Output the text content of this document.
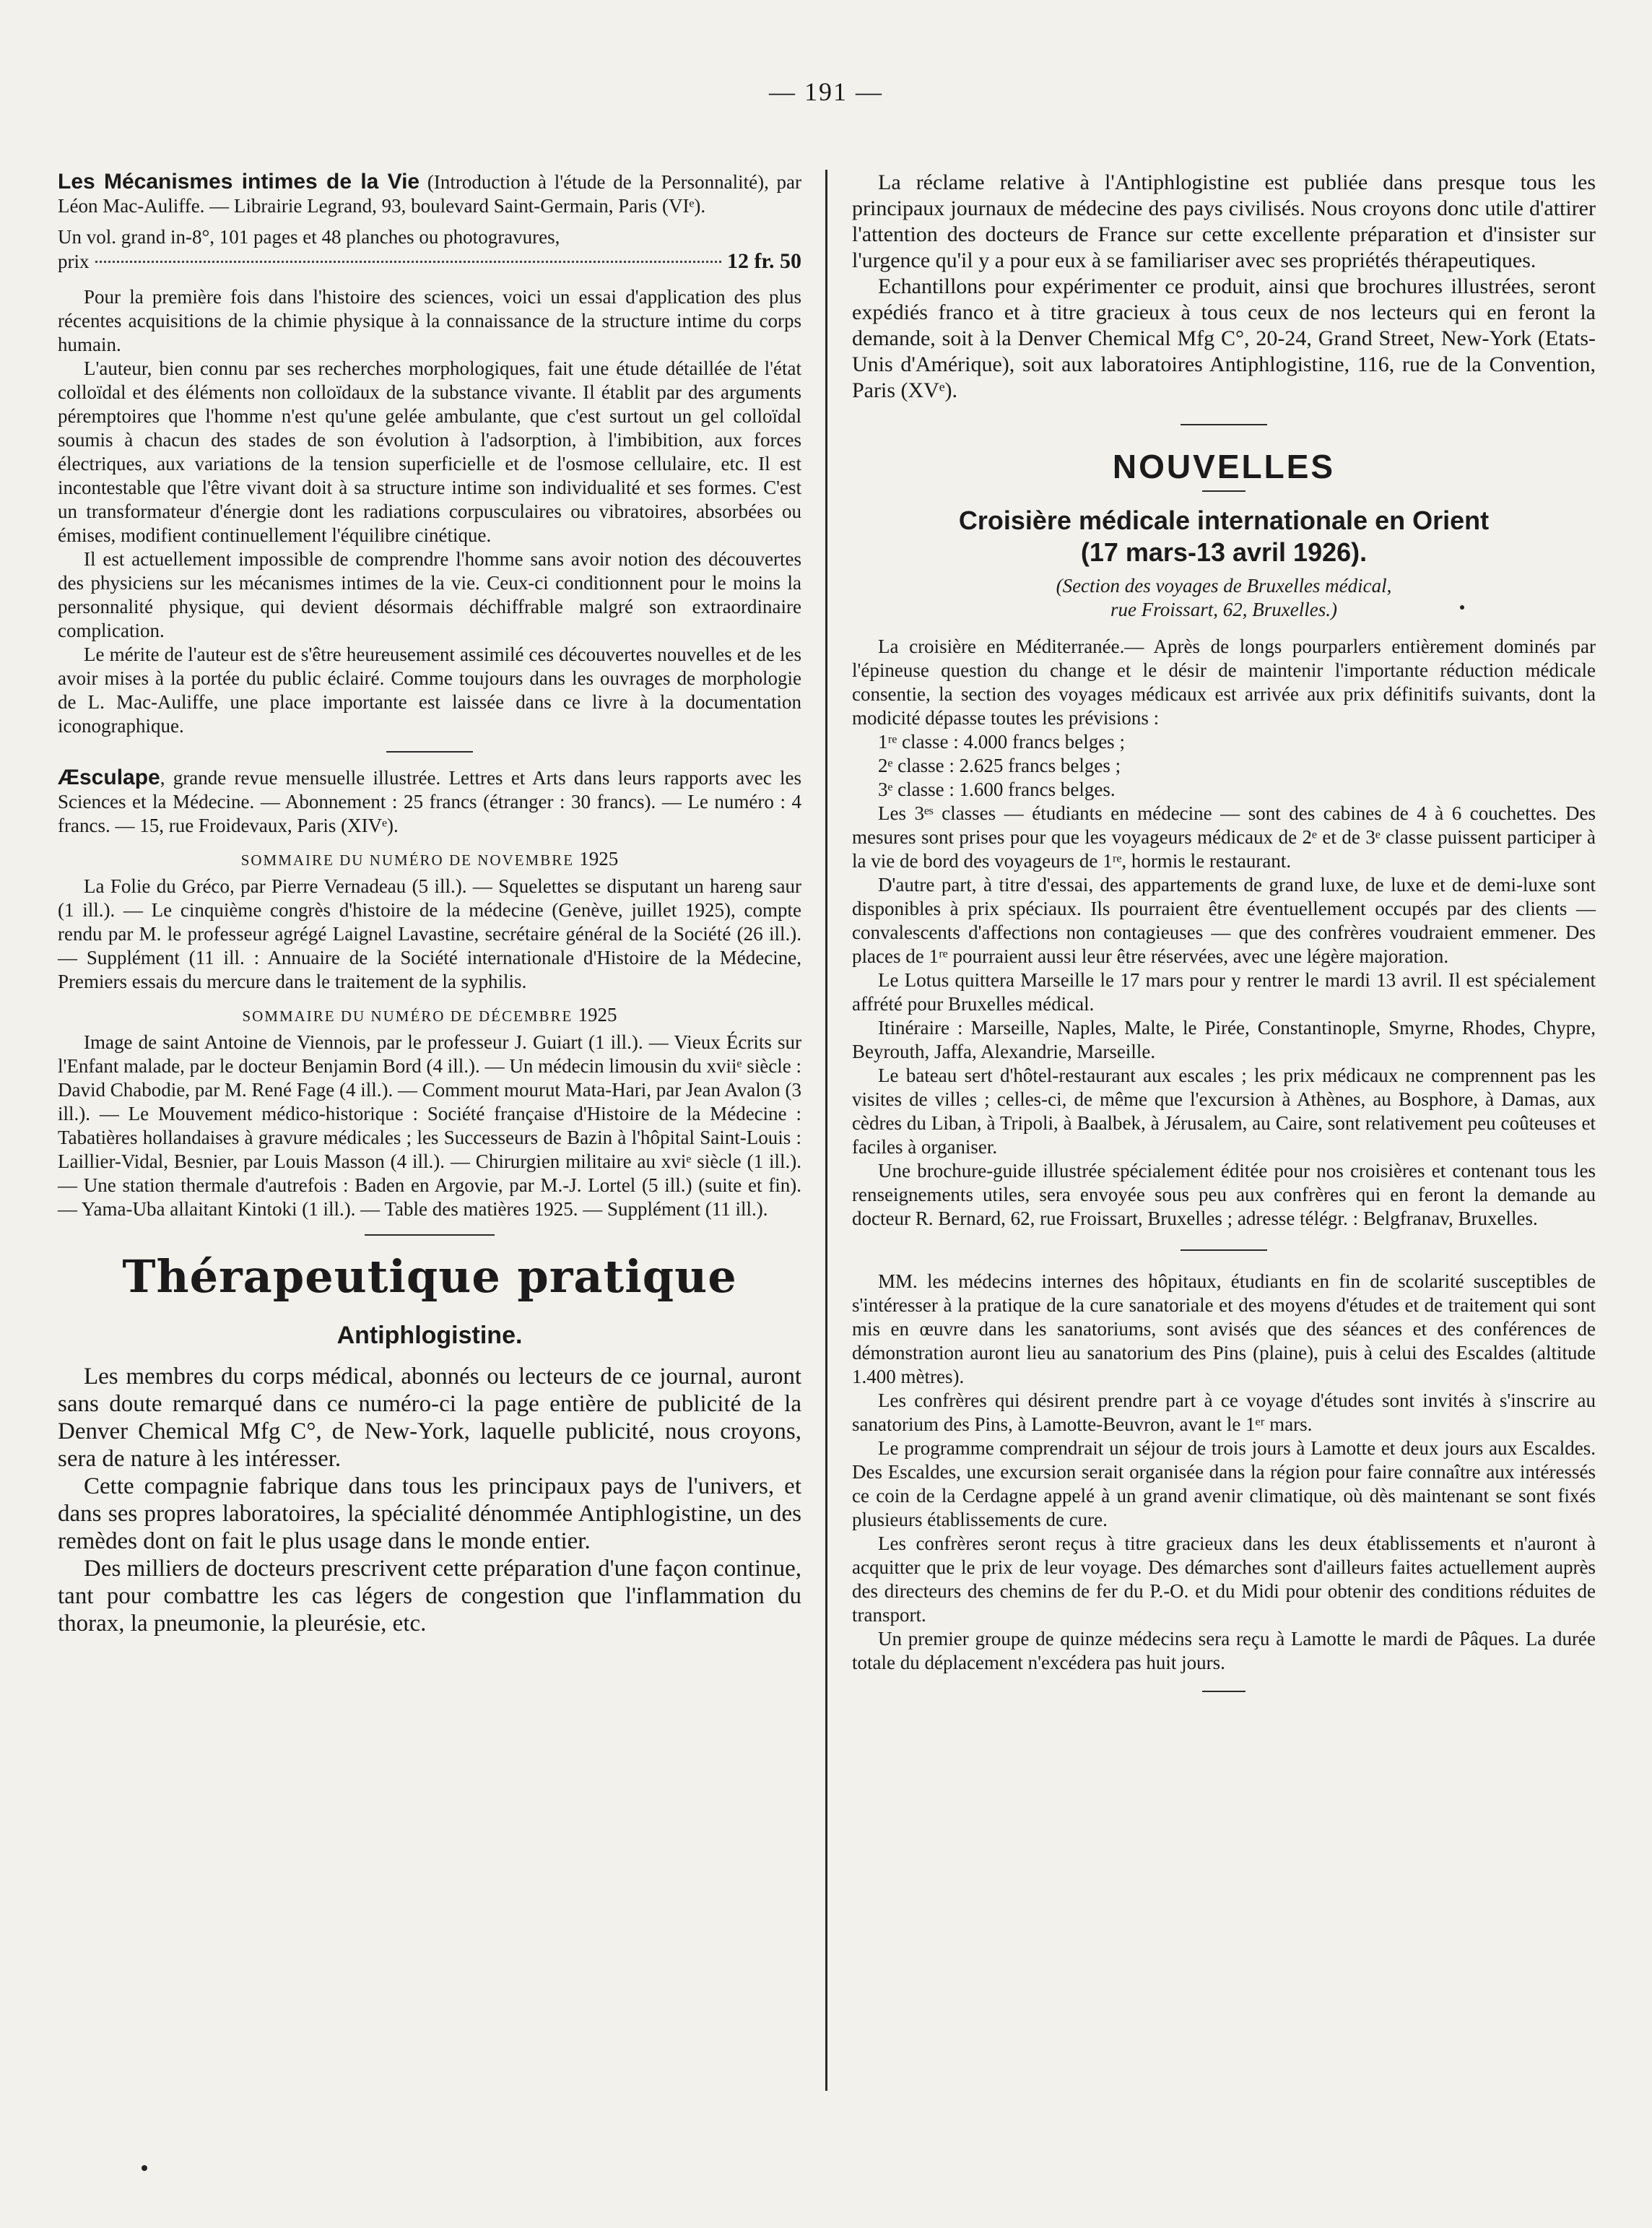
— 191 —

Les Mécanismes intimes de la Vie (Introduction à l'étude de la Personnalité), par Léon Mac-Auliffe. — Librairie Legrand, 93, boulevard Saint-Germain, Paris (VIᵉ).

Un vol. grand in-8°, 101 pages et 48 planches ou photogravures,

prix	12 fr. 50

Pour la première fois dans l'histoire des sciences, voici un essai d'application des plus récentes acquisitions de la chimie physique à la connaissance de la structure intime du corps humain.

L'auteur, bien connu par ses recherches morphologiques, fait une étude détaillée de l'état colloïdal et des éléments non colloïdaux de la substance vivante. Il établit par des arguments péremptoires que l'homme n'est qu'une gelée ambulante, que c'est surtout un gel colloïdal soumis à chacun des stades de son évolution à l'adsorption, à l'imbibition, aux forces électriques, aux variations de la tension superficielle et de l'osmose cellulaire, etc. Il est incontestable que l'être vivant doit à sa structure intime son individualité et ses formes. C'est un transformateur d'énergie dont les radiations corpusculaires ou vibratoires, absorbées ou émises, modifient continuellement l'équilibre cinétique.

Il est actuellement impossible de comprendre l'homme sans avoir notion des découvertes des physiciens sur les mécanismes intimes de la vie. Ceux-ci conditionnent pour le moins la personnalité physique, qui devient désormais déchiffrable malgré son extraordinaire complication.

Le mérite de l'auteur est de s'être heureusement assimilé ces découvertes nouvelles et de les avoir mises à la portée du public éclairé. Comme toujours dans les ouvrages de morphologie de L. Mac-Auliffe, une place importante est laissée dans ce livre à la documentation iconographique.

Æsculape, grande revue mensuelle illustrée. Lettres et Arts dans leurs rapports avec les Sciences et la Médecine. — Abonnement : 25 francs (étranger : 30 francs). — Le numéro : 4 francs. — 15, rue Froidevaux, Paris (XIVᵉ).

SOMMAIRE DU NUMÉRO DE NOVEMBRE 1925

La Folie du Gréco, par Pierre Vernadeau (5 ill.). — Squelettes se disputant un hareng saur (1 ill.). — Le cinquième congrès d'histoire de la médecine (Genève, juillet 1925), compte rendu par M. le professeur agrégé Laignel Lavastine, secrétaire général de la Société (26 ill.). — Supplément (11 ill. : Annuaire de la Société internationale d'Histoire de la Médecine, Premiers essais du mercure dans le traitement de la syphilis.

SOMMAIRE DU NUMÉRO DE DÉCEMBRE 1925

Image de saint Antoine de Viennois, par le professeur J. Guiart (1 ill.). — Vieux Écrits sur l'Enfant malade, par le docteur Benjamin Bord (4 ill.). — Un médecin limousin du xviiᵉ siècle : David Chabodie, par M. René Fage (4 ill.). — Comment mourut Mata-Hari, par Jean Avalon (3 ill.). — Le Mouvement médico-historique : Société française d'Histoire de la Médecine : Tabatières hollandaises à gravure médicales ; les Successeurs de Bazin à l'hôpital Saint-Louis : Laillier-Vidal, Besnier, par Louis Masson (4 ill.). — Chirurgien militaire au xviᵉ siècle (1 ill.). — Une station thermale d'autrefois : Baden en Argovie, par M.-J. Lortel (5 ill.) (suite et fin). — Yama-Uba allaitant Kintoki (1 ill.). — Table des matières 1925. — Supplément (11 ill.).

Thérapeutique pratique
Antiphlogistine.

Les membres du corps médical, abonnés ou lecteurs de ce journal, auront sans doute remarqué dans ce numéro-ci la page entière de publicité de la Denver Chemical Mfg C°, de New-York, laquelle publicité, nous croyons, sera de nature à les intéresser.

Cette compagnie fabrique dans tous les principaux pays de l'univers, et dans ses propres laboratoires, la spécialité dénommée Antiphlogistine, un des remèdes dont on fait le plus usage dans le monde entier.

Des milliers de docteurs prescrivent cette préparation d'une façon continue, tant pour combattre les cas légers de congestion que l'inflammation du thorax, la pneumonie, la pleurésie, etc.

La réclame relative à l'Antiphlogistine est publiée dans presque tous les principaux journaux de médecine des pays civilisés. Nous croyons donc utile d'attirer l'attention des docteurs de France sur cette excellente préparation et d'insister sur l'urgence qu'il y a pour eux à se familiariser avec ses propriétés thérapeutiques.

Echantillons pour expérimenter ce produit, ainsi que brochures illustrées, seront expédiés franco et à titre gracieux à tous ceux de nos lecteurs qui en feront la demande, soit à la Denver Chemical Mfg C°, 20-24, Grand Street, New-York (Etats-Unis d'Amérique), soit aux laboratoires Antiphlogistine, 116, rue de la Convention, Paris (XVᵉ).

NOUVELLES
Croisière médicale internationale en Orient
(17 mars-13 avril 1926).
(Section des voyages de Bruxelles médical,
rue Froissart, 62, Bruxelles.)

La croisière en Méditerranée.— Après de longs pourparlers entièrement dominés par l'épineuse question du change et le désir de maintenir l'importante réduction médicale consentie, la section des voyages médicaux est arrivée aux prix définitifs suivants, dont la modicité dépasse toutes les prévisions :

1ʳᵉ classe : 4.000 francs belges ;
2ᵉ classe : 2.625 francs belges ;
3ᵉ classe : 1.600 francs belges.

Les 3ᵉˢ classes — étudiants en médecine — sont des cabines de 4 à 6 couchettes. Des mesures sont prises pour que les voyageurs médicaux de 2ᵉ et de 3ᵉ classe puissent participer à la vie de bord des voyageurs de 1ʳᵉ, hormis le restaurant.

D'autre part, à titre d'essai, des appartements de grand luxe, de luxe et de demi-luxe sont disponibles à prix spéciaux. Ils pourraient être éventuellement occupés par des clients — convalescents d'affections non contagieuses — que des confrères voudraient emmener. Des places de 1ʳᵉ pourraient aussi leur être réservées, avec une légère majoration.

Le Lotus quittera Marseille le 17 mars pour y rentrer le mardi 13 avril. Il est spécialement affrété pour Bruxelles médical.

Itinéraire : Marseille, Naples, Malte, le Pirée, Constantinople, Smyrne, Rhodes, Chypre, Beyrouth, Jaffa, Alexandrie, Marseille.

Le bateau sert d'hôtel-restaurant aux escales ; les prix médicaux ne comprennent pas les visites de villes ; celles-ci, de même que l'excursion à Athènes, au Bosphore, à Damas, aux cèdres du Liban, à Tripoli, à Baalbek, à Jérusalem, au Caire, sont relativement peu coûteuses et faciles à organiser.

Une brochure-guide illustrée spécialement éditée pour nos croisières et contenant tous les renseignements utiles, sera envoyée sous peu aux confrères qui en feront la demande au docteur R. Bernard, 62, rue Froissart, Bruxelles ; adresse télégr. : Belgfranav, Bruxelles.

MM. les médecins internes des hôpitaux, étudiants en fin de scolarité susceptibles de s'intéresser à la pratique de la cure sanatoriale et des moyens d'études et de traitement qui sont mis en œuvre dans les sanatoriums, sont avisés que des séances et des conférences de démonstration auront lieu au sanatorium des Pins (plaine), puis à celui des Escaldes (altitude 1.400 mètres).

Les confrères qui désirent prendre part à ce voyage d'études sont invités à s'inscrire au sanatorium des Pins, à Lamotte-Beuvron, avant le 1ᵉʳ mars.

Le programme comprendrait un séjour de trois jours à Lamotte et deux jours aux Escaldes. Des Escaldes, une excursion serait organisée dans la région pour faire connaître aux intéressés ce coin de la Cerdagne appelé à un grand avenir climatique, où dès maintenant se sont fixés plusieurs établissements de cure.

Les confrères seront reçus à titre gracieux dans les deux établissements et n'auront à acquitter que le prix de leur voyage. Des démarches sont d'ailleurs faites actuellement auprès des directeurs des chemins de fer du P.-O. et du Midi pour obtenir des conditions réduites de transport.

Un premier groupe de quinze médecins sera reçu à Lamotte le mardi de Pâques. La durée totale du déplacement n'excédera pas huit jours.
